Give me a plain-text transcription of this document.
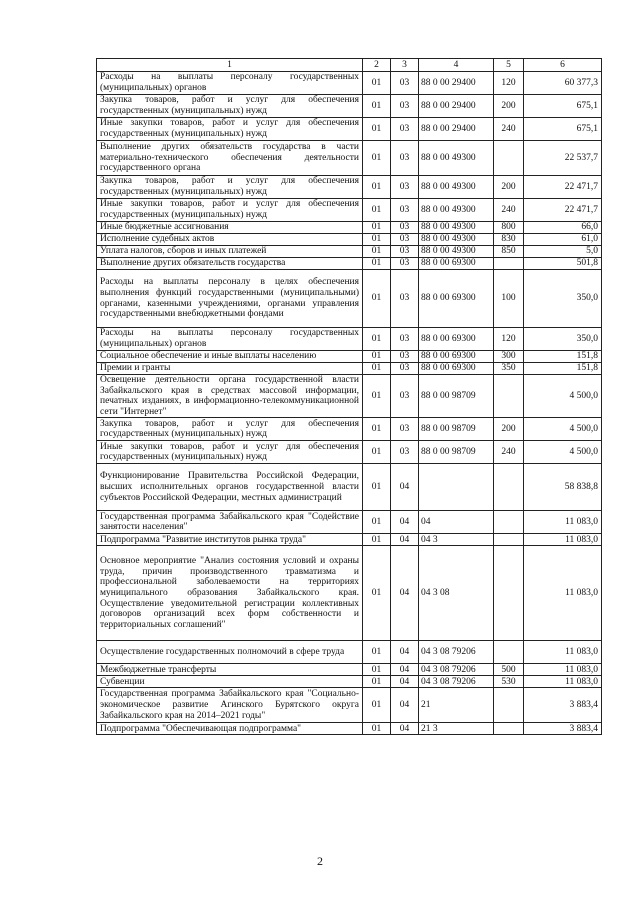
1	2	3	4	5	6
Расходы на выплаты персоналу государственных (муниципальных) органов	01	03	88 0 00 29400	120	60 377,3
Закупка товаров, работ и услуг для обеспечения государственных (муниципальных) нужд	01	03	88 0 00 29400	200	675,1
Иные закупки товаров, работ и услуг для обеспечения государственных (муниципальных) нужд	01	03	88 0 00 29400	240	675,1
Выполнение других обязательств государства в части материально-технического обеспечения деятельности государственного органа	01	03	88 0 00 49300		22 537,7
Закупка товаров, работ и услуг для обеспечения государственных (муниципальных) нужд	01	03	88 0 00 49300	200	22 471,7
Иные закупки товаров, работ и услуг для обеспечения государственных (муниципальных) нужд	01	03	88 0 00 49300	240	22 471,7
Иные бюджетные ассигнования	01	03	88 0 00 49300	800	66,0
Исполнение судебных актов	01	03	88 0 00 49300	830	61,0
Уплата налогов, сборов и иных платежей	01	03	88 0 00 49300	850	5,0
Выполнение других обязательств государства	01	03	88 0 00 69300		501,8
Расходы на выплаты персоналу в целях обеспечения выполнения функций государственными (муниципальными) органами, казенными учреждениями, органами управления государственными внебюджетными фондами	01	03	88 0 00 69300	100	350,0
Расходы на выплаты персоналу государственных (муниципальных) органов	01	03	88 0 00 69300	120	350,0
Социальное обеспечение и иные выплаты населению	01	03	88 0 00 69300	300	151,8
Премии и гранты	01	03	88 0 00 69300	350	151,8
Освещение деятельности органа государственной власти Забайкальского края в средствах массовой информации, печатных изданиях, в информационно-телекоммуникационной сети "Интернет"	01	03	88 0 00 98709		4 500,0
Закупка товаров, работ и услуг для обеспечения государственных (муниципальных) нужд	01	03	88 0 00 98709	200	4 500,0
Иные закупки товаров, работ и услуг для обеспечения государственных (муниципальных) нужд	01	03	88 0 00 98709	240	4 500,0
Функционирование Правительства Российской Федерации, высших исполнительных органов государственной власти субъектов Российской Федерации, местных администраций	01	04			58 838,8
Государственная программа Забайкальского края "Содействие занятости населения"	01	04	04		11 083,0
Подпрограмма "Развитие институтов рынка труда"	01	04	04 3		11 083,0
Основное мероприятие "Анализ состояния условий и охраны труда, причин производственного травматизма и профессиональной заболеваемости на территориях муниципального образования Забайкальского края. Осуществление уведомительной регистрации коллективных договоров организаций всех форм собственности и территориальных соглашений"	01	04	04 3 08		11 083,0
Осуществление государственных полномочий в сфере труда	01	04	04 3 08 79206		11 083,0
Межбюджетные трансферты	01	04	04 3 08 79206	500	11 083,0
Субвенции	01	04	04 3 08 79206	530	11 083,0
Государственная программа Забайкальского края "Социально-экономическое развитие Агинского Бурятского округа Забайкальского края на 2014–2021 годы"	01	04	21		3 883,4
Подпрограмма "Обеспечивающая подпрограмма"	01	04	21 3		3 883,4
2
